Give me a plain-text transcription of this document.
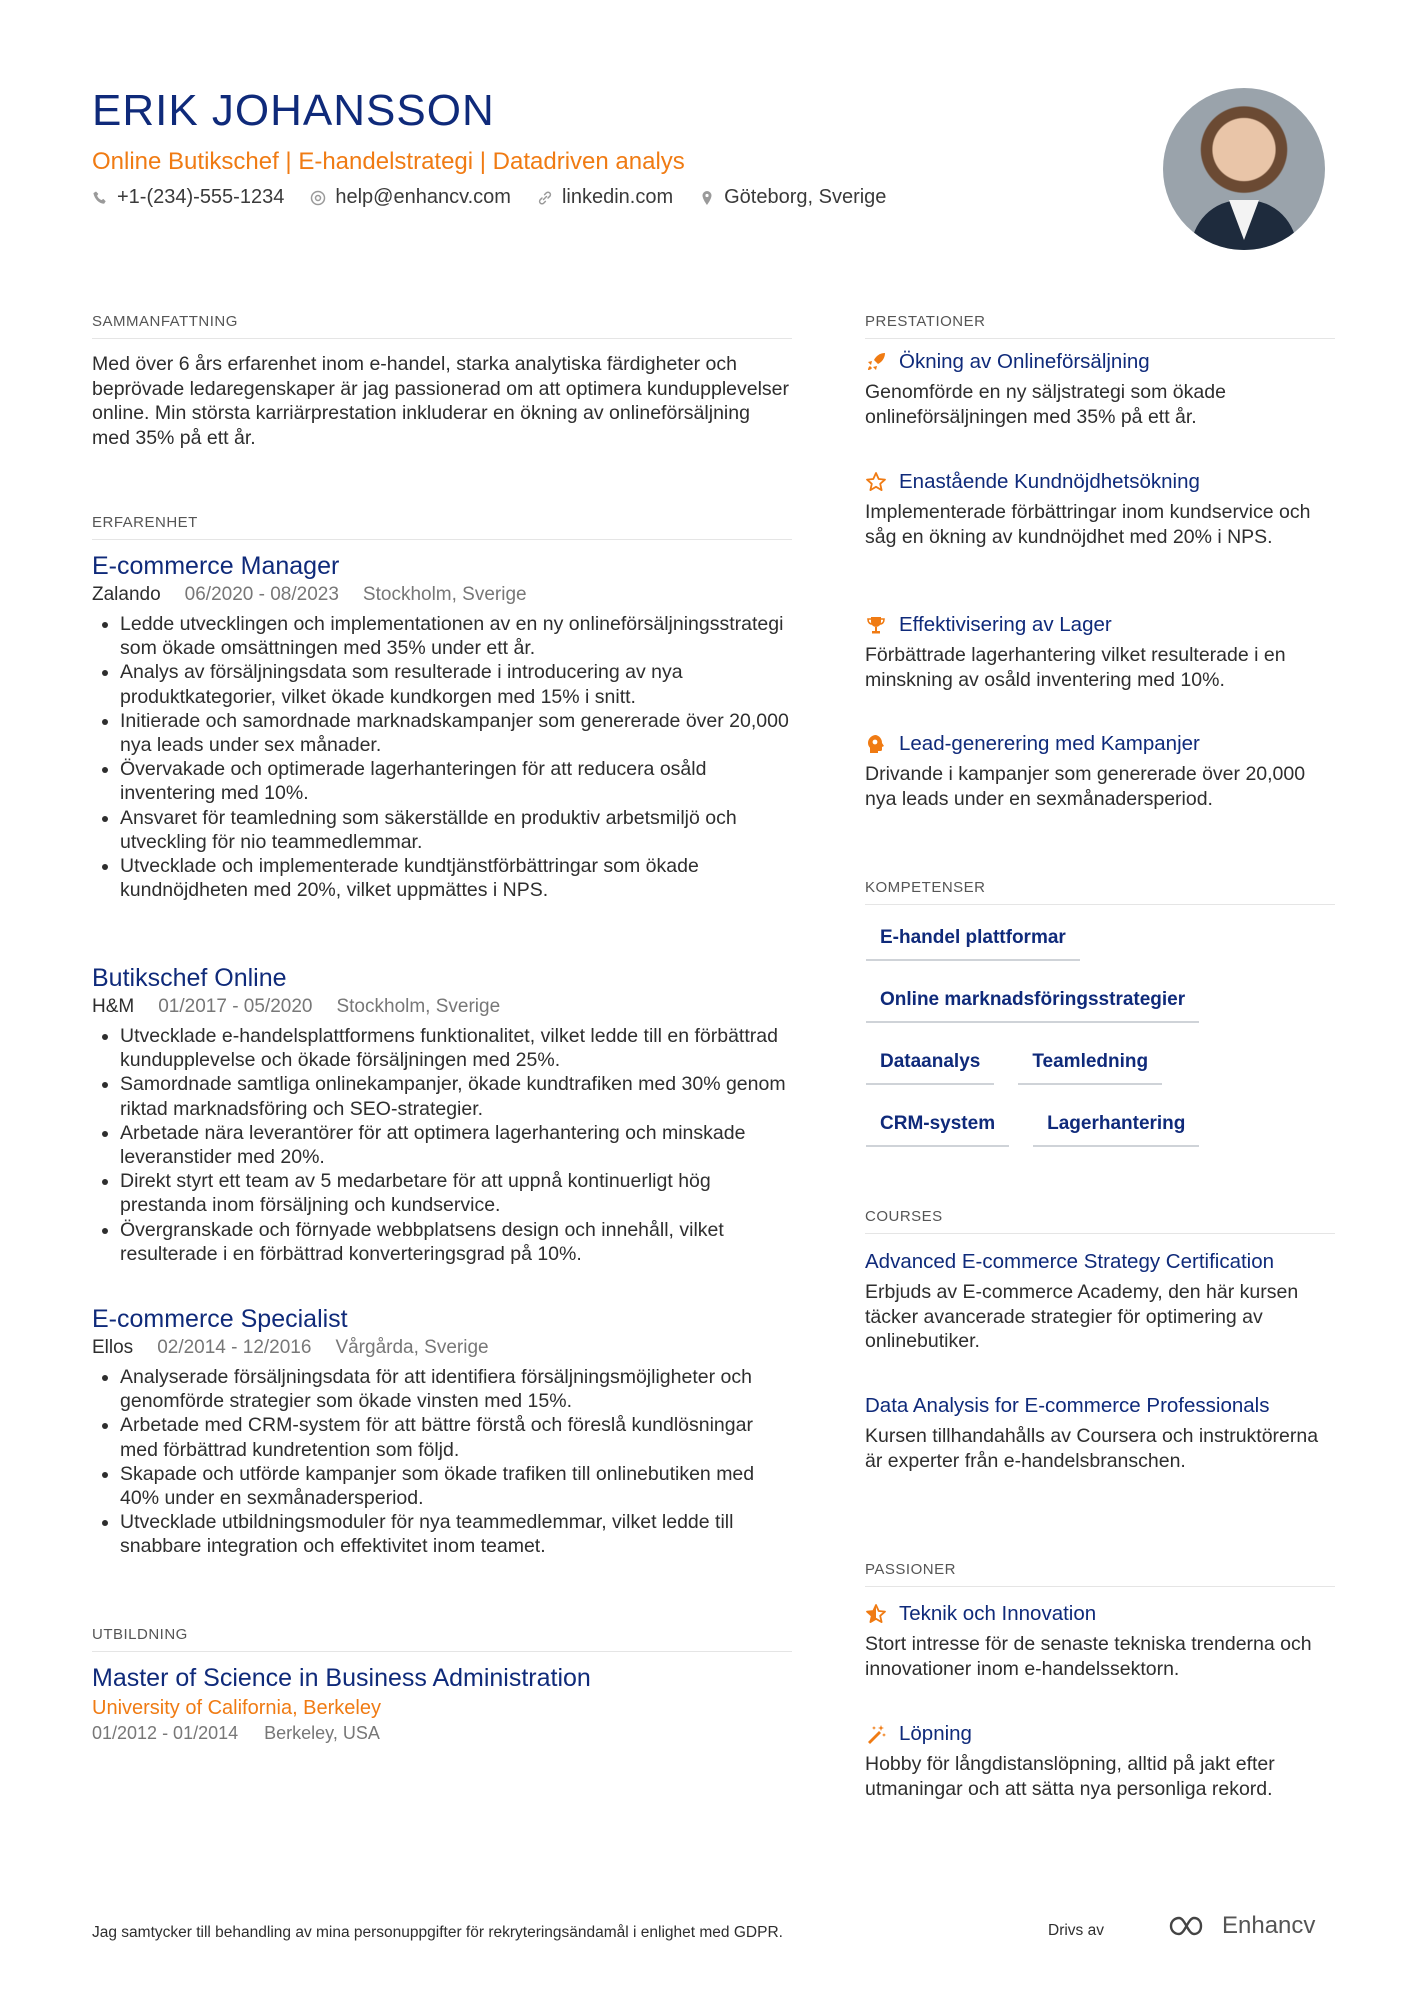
ERIK JOHANSSON
Online Butikschef | E-handelstrategi | Datadriven analys
+1-(234)-555-1234	help@enhancv.com	linkedin.com	Göteborg, Sverige
SAMMANFATTNING

Med över 6 års erfarenhet inom e-handel, starka analytiska färdigheter och beprövade ledaregenskaper är jag passionerad om att optimera kundupplevelser online. Min största karriärprestation inkluderar en ökning av onlineförsäljning med 35% på ett år.

ERFARENHET
E-commerce Manager
Zalando 06/2020 - 08/2023 Stockholm, Sverige
• Ledde utvecklingen och implementationen av en ny onlineförsäljningsstrategi som ökade omsättningen med 35% under ett år.
• Analys av försäljningsdata som resulterade i introducering av nya produktkategorier, vilket ökade kundkorgen med 15% i snitt.
• Initierade och samordnade marknadskampanjer som genererade över 20,000 nya leads under sex månader.
• Övervakade och optimerade lagerhanteringen för att reducera osåld inventering med 10%.
• Ansvaret för teamledning som säkerställde en produktiv arbetsmiljö och utveckling för nio teammedlemmar.
• Utvecklade och implementerade kundtjänstförbättringar som ökade kundnöjdheten med 20%, vilket uppmättes i NPS.
Butikschef Online
H&M 01/2017 - 05/2020 Stockholm, Sverige
• Utvecklade e-handelsplattformens funktionalitet, vilket ledde till en förbättrad kundupplevelse och ökade försäljningen med 25%.
• Samordnade samtliga onlinekampanjer, ökade kundtrafiken med 30% genom riktad marknadsföring och SEO-strategier.
• Arbetade nära leverantörer för att optimera lagerhantering och minskade leveranstider med 20%.
• Direkt styrt ett team av 5 medarbetare för att uppnå kontinuerligt hög prestanda inom försäljning och kundservice.
• Övergranskade och förnyade webbplatsens design och innehåll, vilket resulterade i en förbättrad konverteringsgrad på 10%.
E-commerce Specialist
Ellos 02/2014 - 12/2016 Vårgårda, Sverige
• Analyserade försäljningsdata för att identifiera försäljningsmöjligheter och genomförde strategier som ökade vinsten med 15%.
• Arbetade med CRM-system för att bättre förstå och föreslå kundlösningar med förbättrad kundretention som följd.
• Skapade och utförde kampanjer som ökade trafiken till onlinebutiken med 40% under en sexmånadersperiod.
• Utvecklade utbildningsmoduler för nya teammedlemmar, vilket ledde till snabbare integration och effektivitet inom teamet.
UTBILDNING
Master of Science in Business Administration
University of California, Berkeley
01/2012 - 01/2014 Berkeley, USA
PRESTATIONER
Ökning av Onlineförsäljning
Genomförde en ny säljstrategi som ökade onlineförsäljningen med 35% på ett år.
Enastående Kundnöjdhetsökning
Implementerade förbättringar inom kundservice och såg en ökning av kundnöjdhet med 20% i NPS.
Effektivisering av Lager
Förbättrade lagerhantering vilket resulterade i en minskning av osåld inventering med 10%.
Lead-generering med Kampanjer
Drivande i kampanjer som genererade över 20,000 nya leads under en sexmånadersperiod.
KOMPETENSER
E-handel plattformar
Online marknadsföringsstrategier
Dataanalys	Teamledning
CRM-system	Lagerhantering
COURSES
Advanced E-commerce Strategy Certification
Erbjuds av E-commerce Academy, den här kursen täcker avancerade strategier för optimering av onlinebutiker.
Data Analysis for E-commerce Professionals
Kursen tillhandahålls av Coursera och instruktörerna är experter från e-handelsbranschen.
PASSIONER
Teknik och Innovation
Stort intresse för de senaste tekniska trenderna och innovationer inom e-handelssektorn.
Löpning
Hobby för långdistanslöpning, alltid på jakt efter utmaningar och att sätta nya personliga rekord.
Jag samtycker till behandling av mina personuppgifter för rekryteringsändamål i enlighet med GDPR.	Drivs av	Enhancv
